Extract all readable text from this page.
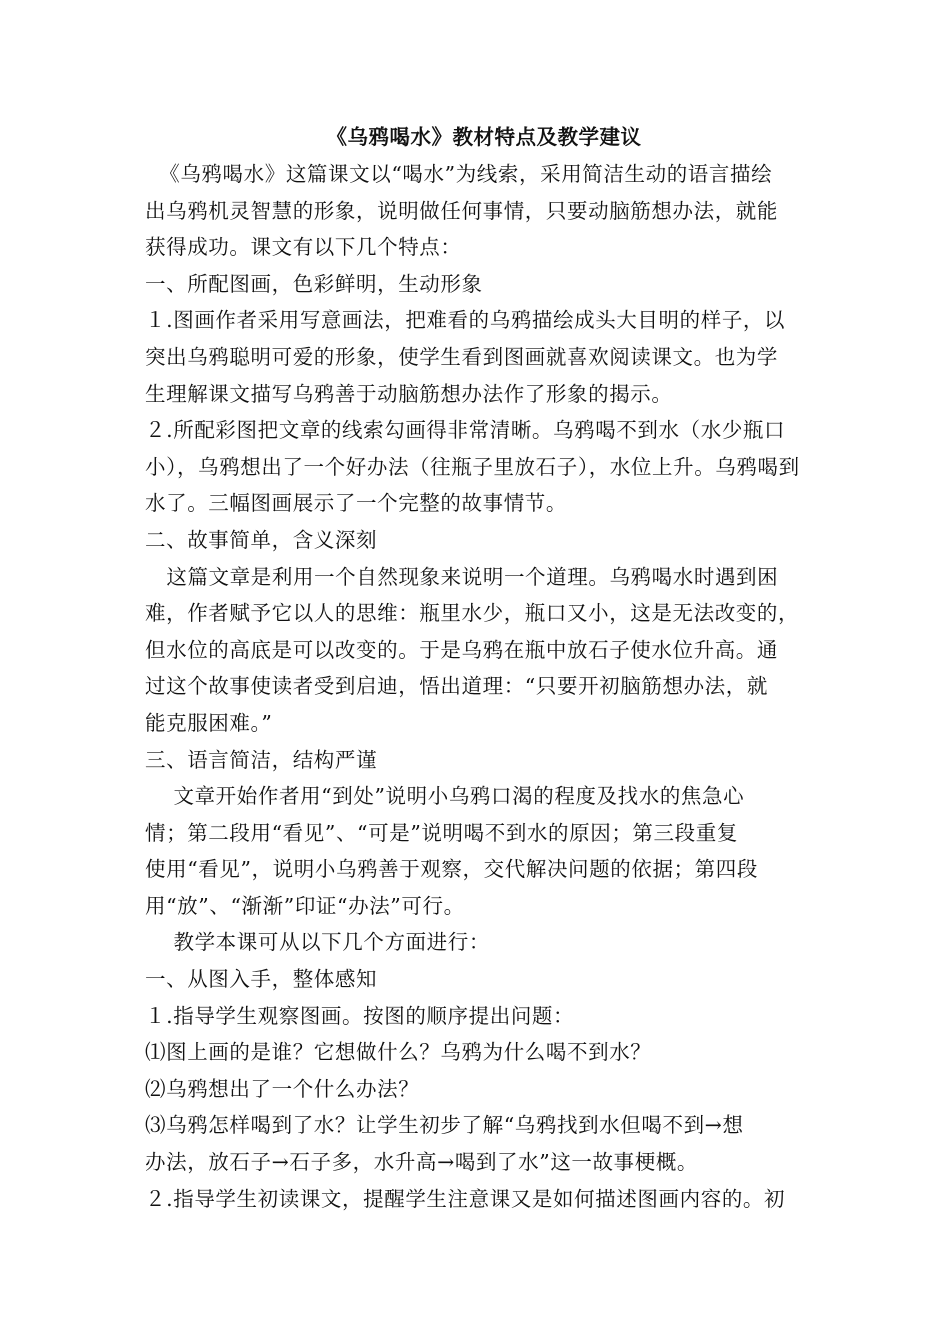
《乌鸦喝水》教材特点及教学建议
《乌鸦喝水》这篇课文以“喝水”为线索，采用简洁生动的语言描绘
出乌鸦机灵智慧的形象，说明做任何事情，只要动脑筋想办法，就能
获得成功。课文有以下几个特点：
一、所配图画，色彩鲜明，生动形象
１.图画作者采用写意画法，把难看的乌鸦描绘成头大目明的样子，以
突出乌鸦聪明可爱的形象，使学生看到图画就喜欢阅读课文。也为学
生理解课文描写乌鸦善于动脑筋想办法作了形象的揭示。
２.所配彩图把文章的线索勾画得非常清晰。乌鸦喝不到水（水少瓶口
小），乌鸦想出了一个好办法（往瓶子里放石子），水位上升。乌鸦喝到
水了。三幅图画展示了一个完整的故事情节。
二、故事简单，含义深刻
这篇文章是利用一个自然现象来说明一个道理。乌鸦喝水时遇到困
难，作者赋予它以人的思维：瓶里水少，瓶口又小，这是无法改变的，
但水位的高底是可以改变的。于是乌鸦在瓶中放石子使水位升高。通
过这个故事使读者受到启迪，悟出道理：“只要开初脑筋想办法，就
能克服困难。”
三、语言简洁，结构严谨
文章开始作者用“到处”说明小乌鸦口渴的程度及找水的焦急心
情；第二段用“看见”、“可是”说明喝不到水的原因；第三段重复
使用“看见”，说明小乌鸦善于观察，交代解决问题的依据；第四段
用“放”、“渐渐”印证“办法”可行。
教学本课可从以下几个方面进行：
一、从图入手，整体感知
１.指导学生观察图画。按图的顺序提出问题：
⑴图上画的是谁？它想做什么？乌鸦为什么喝不到水？
⑵乌鸦想出了一个什么办法？
⑶乌鸦怎样喝到了水？让学生初步了解“乌鸦找到水但喝不到→想
办法，放石子→石子多，水升高→喝到了水”这一故事梗概。
２.指导学生初读课文，提醒学生注意课又是如何描述图画内容的。初
